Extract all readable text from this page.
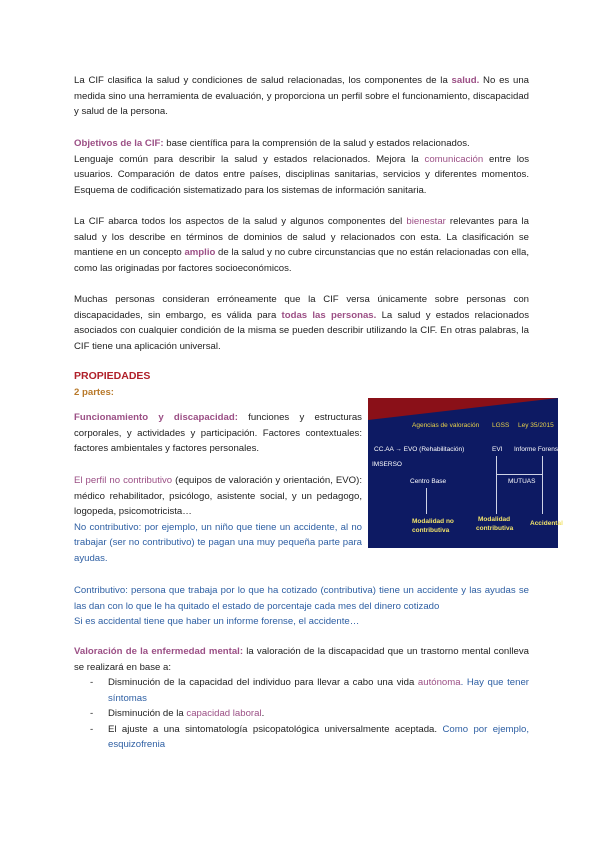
La CIF clasifica la salud y condiciones de salud relacionadas, los componentes de la salud. No es una medida sino una herramienta de evaluación, y proporciona un perfil sobre el funcionamiento, discapacidad y salud de la persona.

Objetivos de la CIF: base científica para la comprensión de la salud y estados relacionados.

Lenguaje común para describir la salud y estados relacionados. Mejora la comunicación entre los usuarios. Comparación de datos entre países, disciplinas sanitarias, servicios y diferentes momentos. Esquema de codificación sistematizado para los sistemas de información sanitaria.

La CIF abarca todos los aspectos de la salud y algunos componentes del bienestar relevantes para la salud y los describe en términos de dominios de salud y relacionados con esta. La clasificación se mantiene en un concepto amplio de la salud y no cubre circunstancias que no están relacionadas con ella, como las originadas por factores socioeconómicos.

Muchas personas consideran erróneamente que la CIF versa únicamente sobre personas con discapacidades, sin embargo, es válida para todas las personas. La salud y estados relacionados asociados con cualquier condición de la misma se pueden describir utilizando la CIF. En otras palabras, la CIF tiene una aplicación universal.

PROPIEDADES
2 partes:

Funcionamiento y discapacidad: funciones y estructuras corporales, y actividades y participación. Factores contextuales: factores ambientales y factores personales.

El perfil no contributivo (equipos de valoración y orientación, EVO): médico rehabilitador, psicólogo, asistente social, y un pedagogo, logopeda, psicomotricista…

No contributivo: por ejemplo, un niño que tiene un accidente, al no trabajar (ser no contributivo) te pagan una muy pequeña parte para ayudas.

Agencias de valoración LGSS Ley 35/2015
CC.AA → EVO (Rehabilitación)	EVI Informe Forense
IMSERSO
Centro Base	MUTUAS
Modalidad no
contributiva
Modalidad
contributiva
Accidental

Contributivo: persona que trabaja por lo que ha cotizado (contributiva) tiene un accidente y las ayudas se las dan con lo que le ha quitado el estado de porcentaje cada mes del dinero cotizado

Si es accidental tiene que haber un informe forense, el accidente…

Valoración de la enfermedad mental: la valoración de la discapacidad que un trastorno mental conlleva se realizará en base a:

- Disminución de la capacidad del individuo para llevar a cabo una vida autónoma. Hay que tener síntomas
- Disminución de la capacidad laboral.
- El ajuste a una sintomatología psicopatológica universalmente aceptada. Como por ejemplo, esquizofrenia
